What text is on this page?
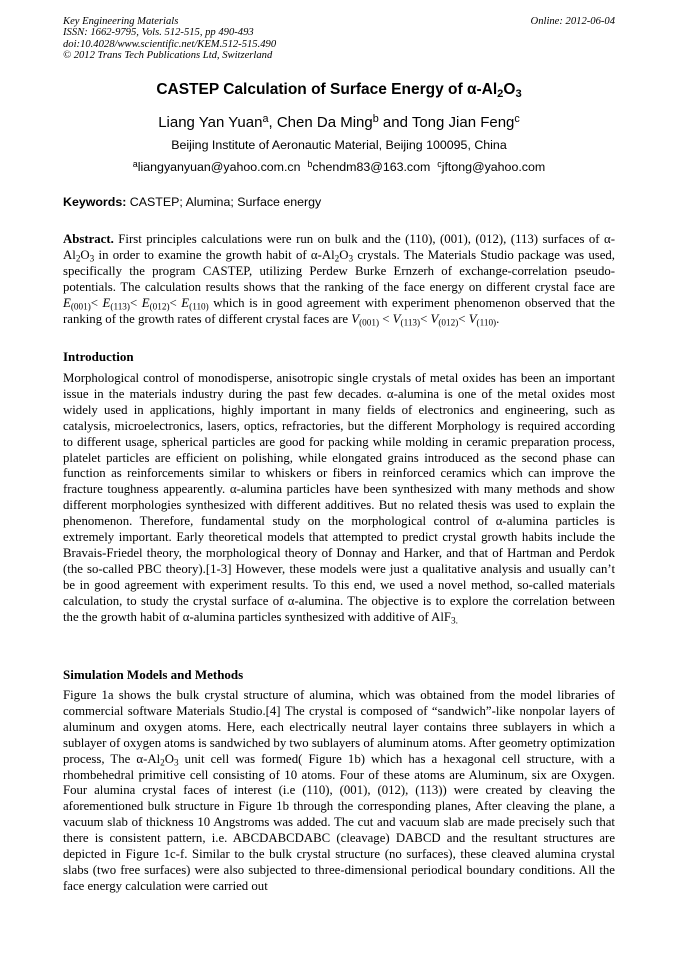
Key Engineering Materials
ISSN: 1662-9795, Vols. 512-515, pp 490-493
doi:10.4028/www.scientific.net/KEM.512-515.490
© 2012 Trans Tech Publications Ltd, Switzerland
Online: 2012-06-04
CASTEP Calculation of Surface Energy of $\alpha-Al_2O_3$
Liang Yan Yuan$^a$, Chen Da Ming$^b$ and Tong Jian Feng$^c$
Beijing Institute of Aeronautic Material, Beijing 100095, China
$^a$liangyanyuan@yahoo.com.cn $^b$chendm83@163.com $^c$jftong@yahoo.com
Keywords: CASTEP; Alumina; Surface energy
Abstract. First principles calculations were run on bulk and the (110), (001), (012), (113) surfaces of $\alpha-Al_2O_3$ in order to examine the growth habit of $\alpha-Al_2O_3$ crystals. The Materials Studio package was used, specifically the program CASTEP, utilizing Perdew Burke Ernzerh of exchange-correlation pseudo-potentials. The calculation results shows that the ranking of the face energy on different crystal face are $E_{(001)}< E_{(113)}< E_{(012)}< E_{(110)}$ which is in good agreement with experiment phenomenon observed that the ranking of the growth rates of different crystal faces are $V_{(001)} < V_{(113)}< V_{(012)}< V_{(110)}$.
Introduction
Morphological control of monodisperse, anisotropic single crystals of metal oxides has been an important issue in the materials industry during the past few decades. α-alumina is one of the metal oxides most widely used in applications, highly important in many fields of electronics and engineering, such as catalysis, microelectronics, lasers, optics, refractories, but the different Morphology is required according to different usage, spherical particles are good for packing while molding in ceramic preparation process, platelet particles are efficient on polishing, while elongated grains introduced as the second phase can function as reinforcements similar to whiskers or fibers in reinforced ceramics which can improve the fracture toughness appearently. α-alumina particles have been synthesized with many methods and show different morphologies synthesized with different additives. But no related thesis was used to explain the phenomenon. Therefore, fundamental study on the morphological control of α-alumina particles is extremely important. Early theoretical models that attempted to predict crystal growth habits include the Bravais-Friedel theory, the morphological theory of Donnay and Harker, and that of Hartman and Perdok (the so-called PBC theory).[1-3] However, these models were just a qualitative analysis and usually can’t be in good agreement with experiment results. To this end, we used a novel method, so-called materials calculation, to study the crystal surface of α-alumina. The objective is to explore the correlation between the the growth habit of α-alumina particles synthesized with additive of AlF$_{3.}$
Simulation Models and Methods
Figure 1a shows the bulk crystal structure of alumina, which was obtained from the model libraries of commercial software Materials Studio.[4] The crystal is composed of “sandwich”-like nonpolar layers of aluminum and oxygen atoms. Here, each electrically neutral layer contains three sublayers in which a sublayer of oxygen atoms is sandwiched by two sublayers of aluminum atoms. After geometry optimization process, The $\alpha-Al_2O_3$ unit cell was formed( Figure 1b) which has a hexagonal cell structure, with a rhombehedral primitive cell consisting of 10 atoms. Four of these atoms are Aluminum, six are Oxygen. Four alumina crystal faces of interest (i.e (110), (001), (012), (113)) were created by cleaving the aforementioned bulk structure in Figure 1b through the corresponding planes, After cleaving the plane, a vacuum slab of thickness 10 Angstroms was added. The cut and vacuum slab are made precisely such that there is consistent pattern, i.e. ABCDABCDABC (cleavage) DABCD and the resultant structures are depicted in Figure 1c-f. Similar to the bulk crystal structure (no surfaces), these cleaved alumina crystal slabs (two free surfaces) were also subjected to three-dimensional periodical boundary conditions. All the face energy calculation were carried out
